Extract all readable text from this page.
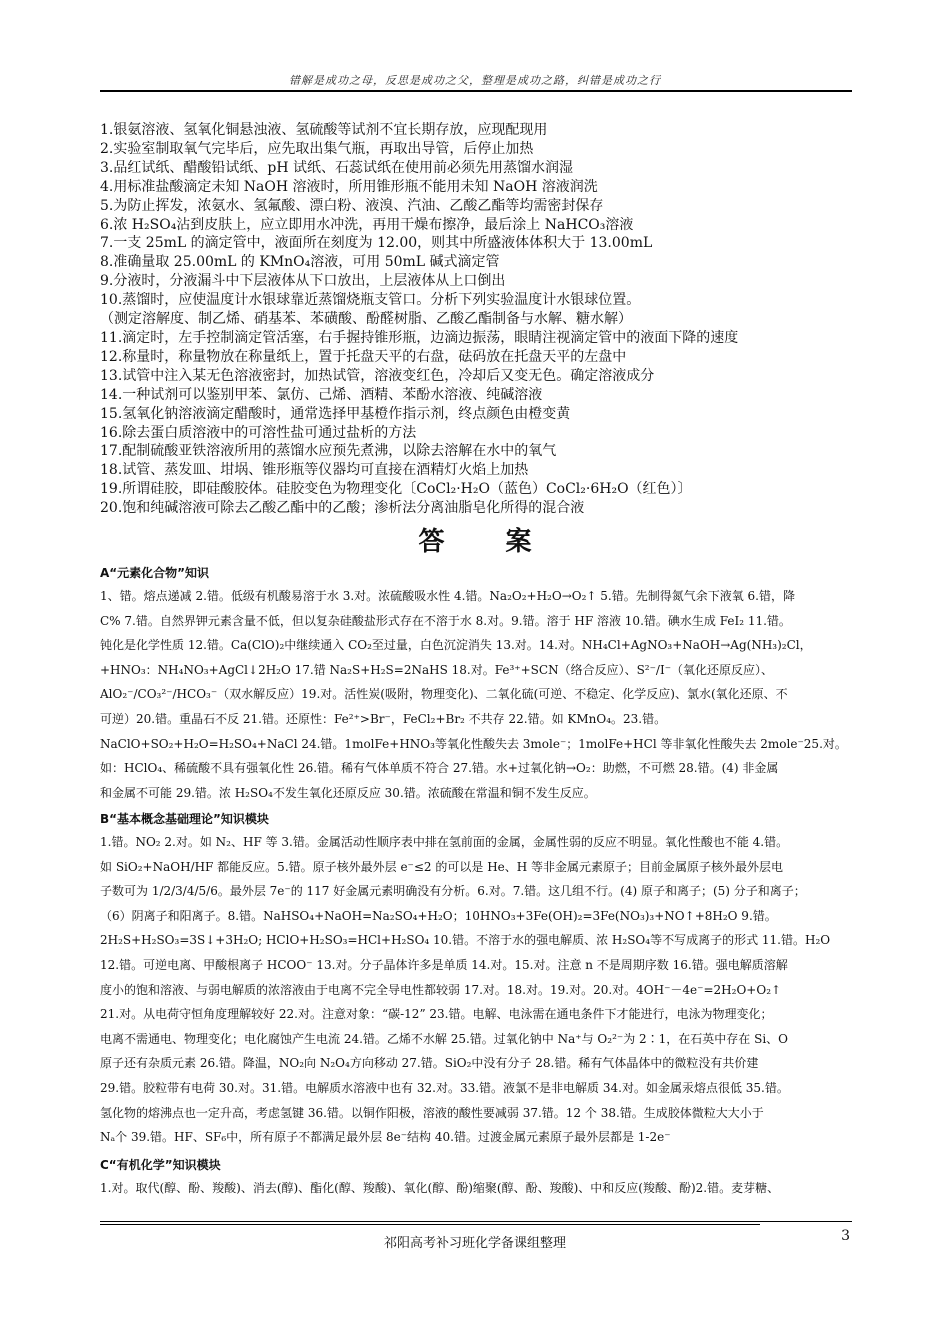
错解是成功之母，反思是成功之父，整理是成功之路，纠错是成功之行
1.银氨溶液、氢氧化铜悬浊液、氢硫酸等试剂不宜长期存放，应现配现用
2.实验室制取氧气完毕后，应先取出集气瓶，再取出导管，后停止加热
3.品红试纸、醋酸铅试纸、pH 试纸、石蕊试纸在使用前必须先用蒸馏水润湿
4.用标准盐酸滴定未知 NaOH 溶液时，所用锥形瓶不能用未知 NaOH 溶液润洗
5.为防止挥发，浓氨水、氢氟酸、漂白粉、液溴、汽油、乙酸乙酯等均需密封保存
6.浓 H₂SO₄沾到皮肤上，应立即用水冲洗，再用干燥布擦净，最后涂上 NaHCO₃溶液
7.一支 25mL 的滴定管中，液面所在刻度为 12.00，则其中所盛液体体积大于 13.00mL
8.准确量取 25.00mL 的 KMnO₄溶液，可用 50mL 碱式滴定管
9.分液时，分液漏斗中下层液体从下口放出，上层液体从上口倒出
10.蒸馏时，应使温度计水银球靠近蒸馏烧瓶支管口。分析下列实验温度计水银球位置。
（测定溶解度、制乙烯、硝基苯、苯磺酸、酚醛树脂、乙酸乙酯制备与水解、糖水解）
11.滴定时，左手控制滴定管活塞，右手握持锥形瓶，边滴边振荡，眼睛注视滴定管中的液面下降的速度
12.称量时，称量物放在称量纸上，置于托盘天平的右盘，砝码放在托盘天平的左盘中
13.试管中注入某无色溶液密封，加热试管，溶液变红色，冷却后又变无色。确定溶液成分
14.一种试剂可以鉴别甲苯、氯仿、己烯、酒精、苯酚水溶液、纯碱溶液
15.氢氧化钠溶液滴定醋酸时，通常选择甲基橙作指示剂，终点颜色由橙变黄
16.除去蛋白质溶液中的可溶性盐可通过盐析的方法
17.配制硫酸亚铁溶液所用的蒸馏水应预先煮沸，以除去溶解在水中的氧气
18.试管、蒸发皿、坩埚、锥形瓶等仪器均可直接在酒精灯火焰上加热
19.所谓硅胶，即硅酸胶体。硅胶变色为物理变化〔CoCl₂·H₂O（蓝色）CoCl₂·6H₂O（红色）〕
20.饱和纯碱溶液可除去乙酸乙酯中的乙酸；渗析法分离油脂皂化所得的混合液
答 案
A“元素化合物”知识
1、错。熔点递减 2.错。低级有机酸易溶于水 3.对。浓硫酸吸水性 4.错。Na₂O₂+H₂O→O₂↑ 5.错。先制得氮气余下液氧 6.错，降
C% 7.错。自然界钾元素含量不低，但以复杂硅酸盐形式存在不溶于水 8.对。9.错。溶于 HF 溶液 10.错。碘水生成 FeI₂ 11.错。
钝化是化学性质 12.错。Ca(ClO)₂中继续通入 CO₂至过量，白色沉淀消失 13.对。14.对。NH₄Cl+AgNO₃+NaOH→Ag(NH₃)₂Cl，
+HNO₃：NH₄NO₃+AgCl↓2H₂O 17.错 Na₂S+H₂S=2NaHS 18.对。Fe³⁺+SCN（络合反应）、S²⁻/I⁻（氧化还原反应）、
AlO₂⁻/CO₃²⁻/HCO₃⁻（双水解反应）19.对。活性炭(吸附，物理变化)、二氧化硫(可逆、不稳定、化学反应)、氯水(氧化还原、不
可逆）20.错。重晶石不反 21.错。还原性：Fe²⁺>Br⁻，FeCl₂+Br₂ 不共存 22.错。如 KMnO₄。23.错。
NaClO+SO₂+H₂O=H₂SO₄+NaCl 24.错。1molFe+HNO₃等氧化性酸失去 3mole⁻；1molFe+HCl 等非氧化性酸失去 2mole⁻25.对。
如：HClO₄、稀硫酸不具有强氧化性 26.错。稀有气体单质不符合 27.错。水+过氧化钠→O₂：助燃，不可燃 28.错。(4) 非金属
和金属不可能 29.错。浓 H₂SO₄不发生氧化还原反应 30.错。浓硫酸在常温和铜不发生反应。
B“基本概念基础理论”知识模块
1.错。NO₂ 2.对。如 N₂、HF 等 3.错。金属活动性顺序表中排在氢前面的金属，金属性弱的反应不明显。氧化性酸也不能 4.错。
如 SiO₂+NaOH/HF 都能反应。5.错。原子核外最外层 e⁻≤2 的可以是 He、H 等非金属元素原子；目前金属原子核外最外层电
子数可为 1/2/3/4/5/6。最外层 7e⁻的 117 好金属元素明确没有分析。6.对。7.错。这几组不行。(4) 原子和离子；(5) 分子和离子；
（6）阴离子和阳离子。8.错。NaHSO₄+NaOH=Na₂SO₄+H₂O；10HNO₃+3Fe(OH)₂=3Fe(NO₃)₃+NO↑+8H₂O 9.错。
2H₂S+H₂SO₃=3S↓+3H₂O; HClO+H₂SO₃=HCl+H₂SO₄ 10.错。不溶于水的强电解质、浓 H₂SO₄等不写成离子的形式 11.错。H₂O
12.错。可逆电离、甲酸根离子 HCOO⁻ 13.对。分子晶体许多是单质 14.对。15.对。注意 n 不是周期序数 16.错。强电解质溶解
度小的饱和溶液、与弱电解质的浓溶液由于电离不完全导电性都较弱 17.对。18.对。19.对。20.对。4OH⁻－4e⁻=2H₂O+O₂↑
21.对。从电荷守恒角度理解较好 22.对。注意对象：“碳-12” 23.错。电解、电泳需在通电条件下才能进行，电泳为物理变化；
电离不需通电、物理变化；电化腐蚀产生电流 24.错。乙烯不水解 25.错。过氧化钠中 Na⁺与 O₂²⁻为 2∶1，在石英中存在 Si、O
原子还有杂质元素 26.错。降温，NO₂向 N₂O₄方向移动 27.错。SiO₂中没有分子 28.错。稀有气体晶体中的微粒没有共价建
29.错。胶粒带有电荷 30.对。31.错。电解质水溶液中也有 32.对。33.错。液氯不是非电解质 34.对。如金属汞熔点很低 35.错。
氢化物的熔沸点也一定升高，考虑氢键 36.错。以铜作阳极，溶液的酸性要减弱 37.错。12 个 38.错。生成胶体微粒大大小于
Nₐ个 39.错。HF、SF₆中，所有原子不都满足最外层 8e⁻结构 40.错。过渡金属元素原子最外层都是 1-2e⁻
C“有机化学”知识模块
1.对。取代(醇、酚、羧酸)、消去(醇)、酯化(醇、羧酸)、氧化(醇、酚)缩聚(醇、酚、羧酸)、中和反应(羧酸、酚)2.错。麦芽糖、
祁阳高考补习班化学备课组整理	3
